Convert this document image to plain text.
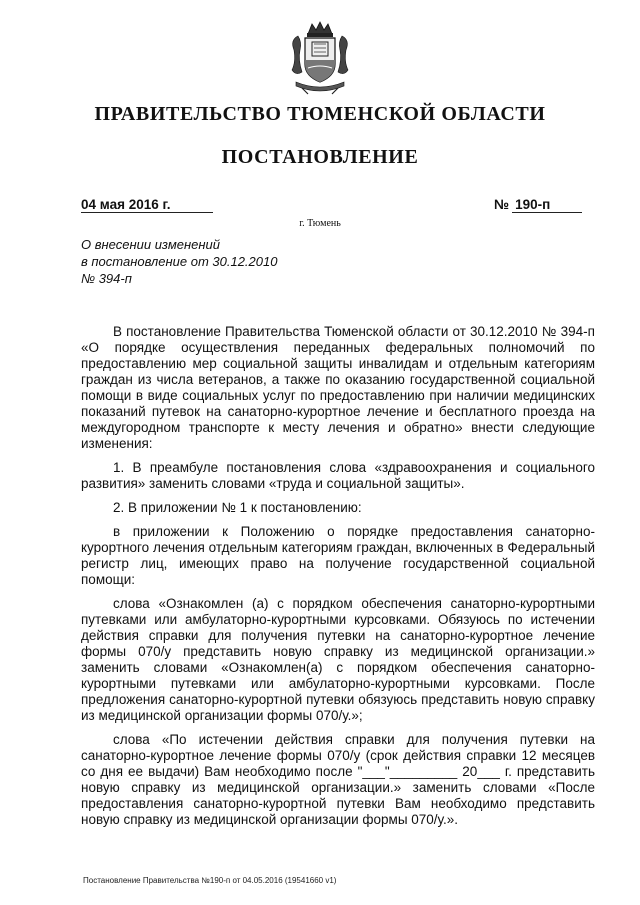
ПРАВИТЕЛЬСТВО ТЮМЕНСКОЙ ОБЛАСТИ
ПОСТАНОВЛЕНИЕ
04 мая 2016 г.	№ 190-п
г. Тюмень
О внесении изменений
в постановление от 30.12.2010
№ 394-п

В постановление Правительства Тюменской области от 30.12.2010 № 394-п «О порядке осуществления переданных федеральных полномочий по предоставлению мер социальной защиты инвалидам и отдельным категориям граждан из числа ветеранов, а также по оказанию государственной социальной помощи в виде социальных услуг по предоставлению при наличии медицинских показаний путевок на санаторно-курортное лечение и бесплатного проезда на междугородном транспорте к месту лечения и обратно» внести следующие изменения:

1. В преамбуле постановления слова «здравоохранения и социального развития» заменить словами «труда и социальной защиты».

2. В приложении № 1 к постановлению:

в приложении к Положению о порядке предоставления санаторно-курортного лечения отдельным категориям граждан, включенных в Федеральный регистр лиц, имеющих право на получение государственной социальной помощи:

слова «Ознакомлен (а) с порядком обеспечения санаторно-курортными путевками или амбулаторно-курортными курсовками. Обязуюсь по истечении действия справки для получения путевки на санаторно-курортное лечение формы 070/у представить новую справку из медицинской организации.» заменить словами «Ознакомлен(а) с порядком обеспечения санаторно-курортными путевками или амбулаторно-курортными курсовками. После предложения санаторно-курортной путевки обязуюсь представить новую справку из медицинской организации формы 070/у.»;

слова «По истечении действия справки для получения путевки на санаторно-курортное лечение формы 070/у (срок действия справки 12 месяцев со дня ее выдачи) Вам необходимо после "___"_________ 20___ г. представить новую справку из медицинской организации.» заменить словами «После предоставления санаторно-курортной путевки Вам необходимо представить новую справку из медицинской организации формы 070/у.».

Постановление Правительства №190-п от 04.05.2016 (19541660 v1)
